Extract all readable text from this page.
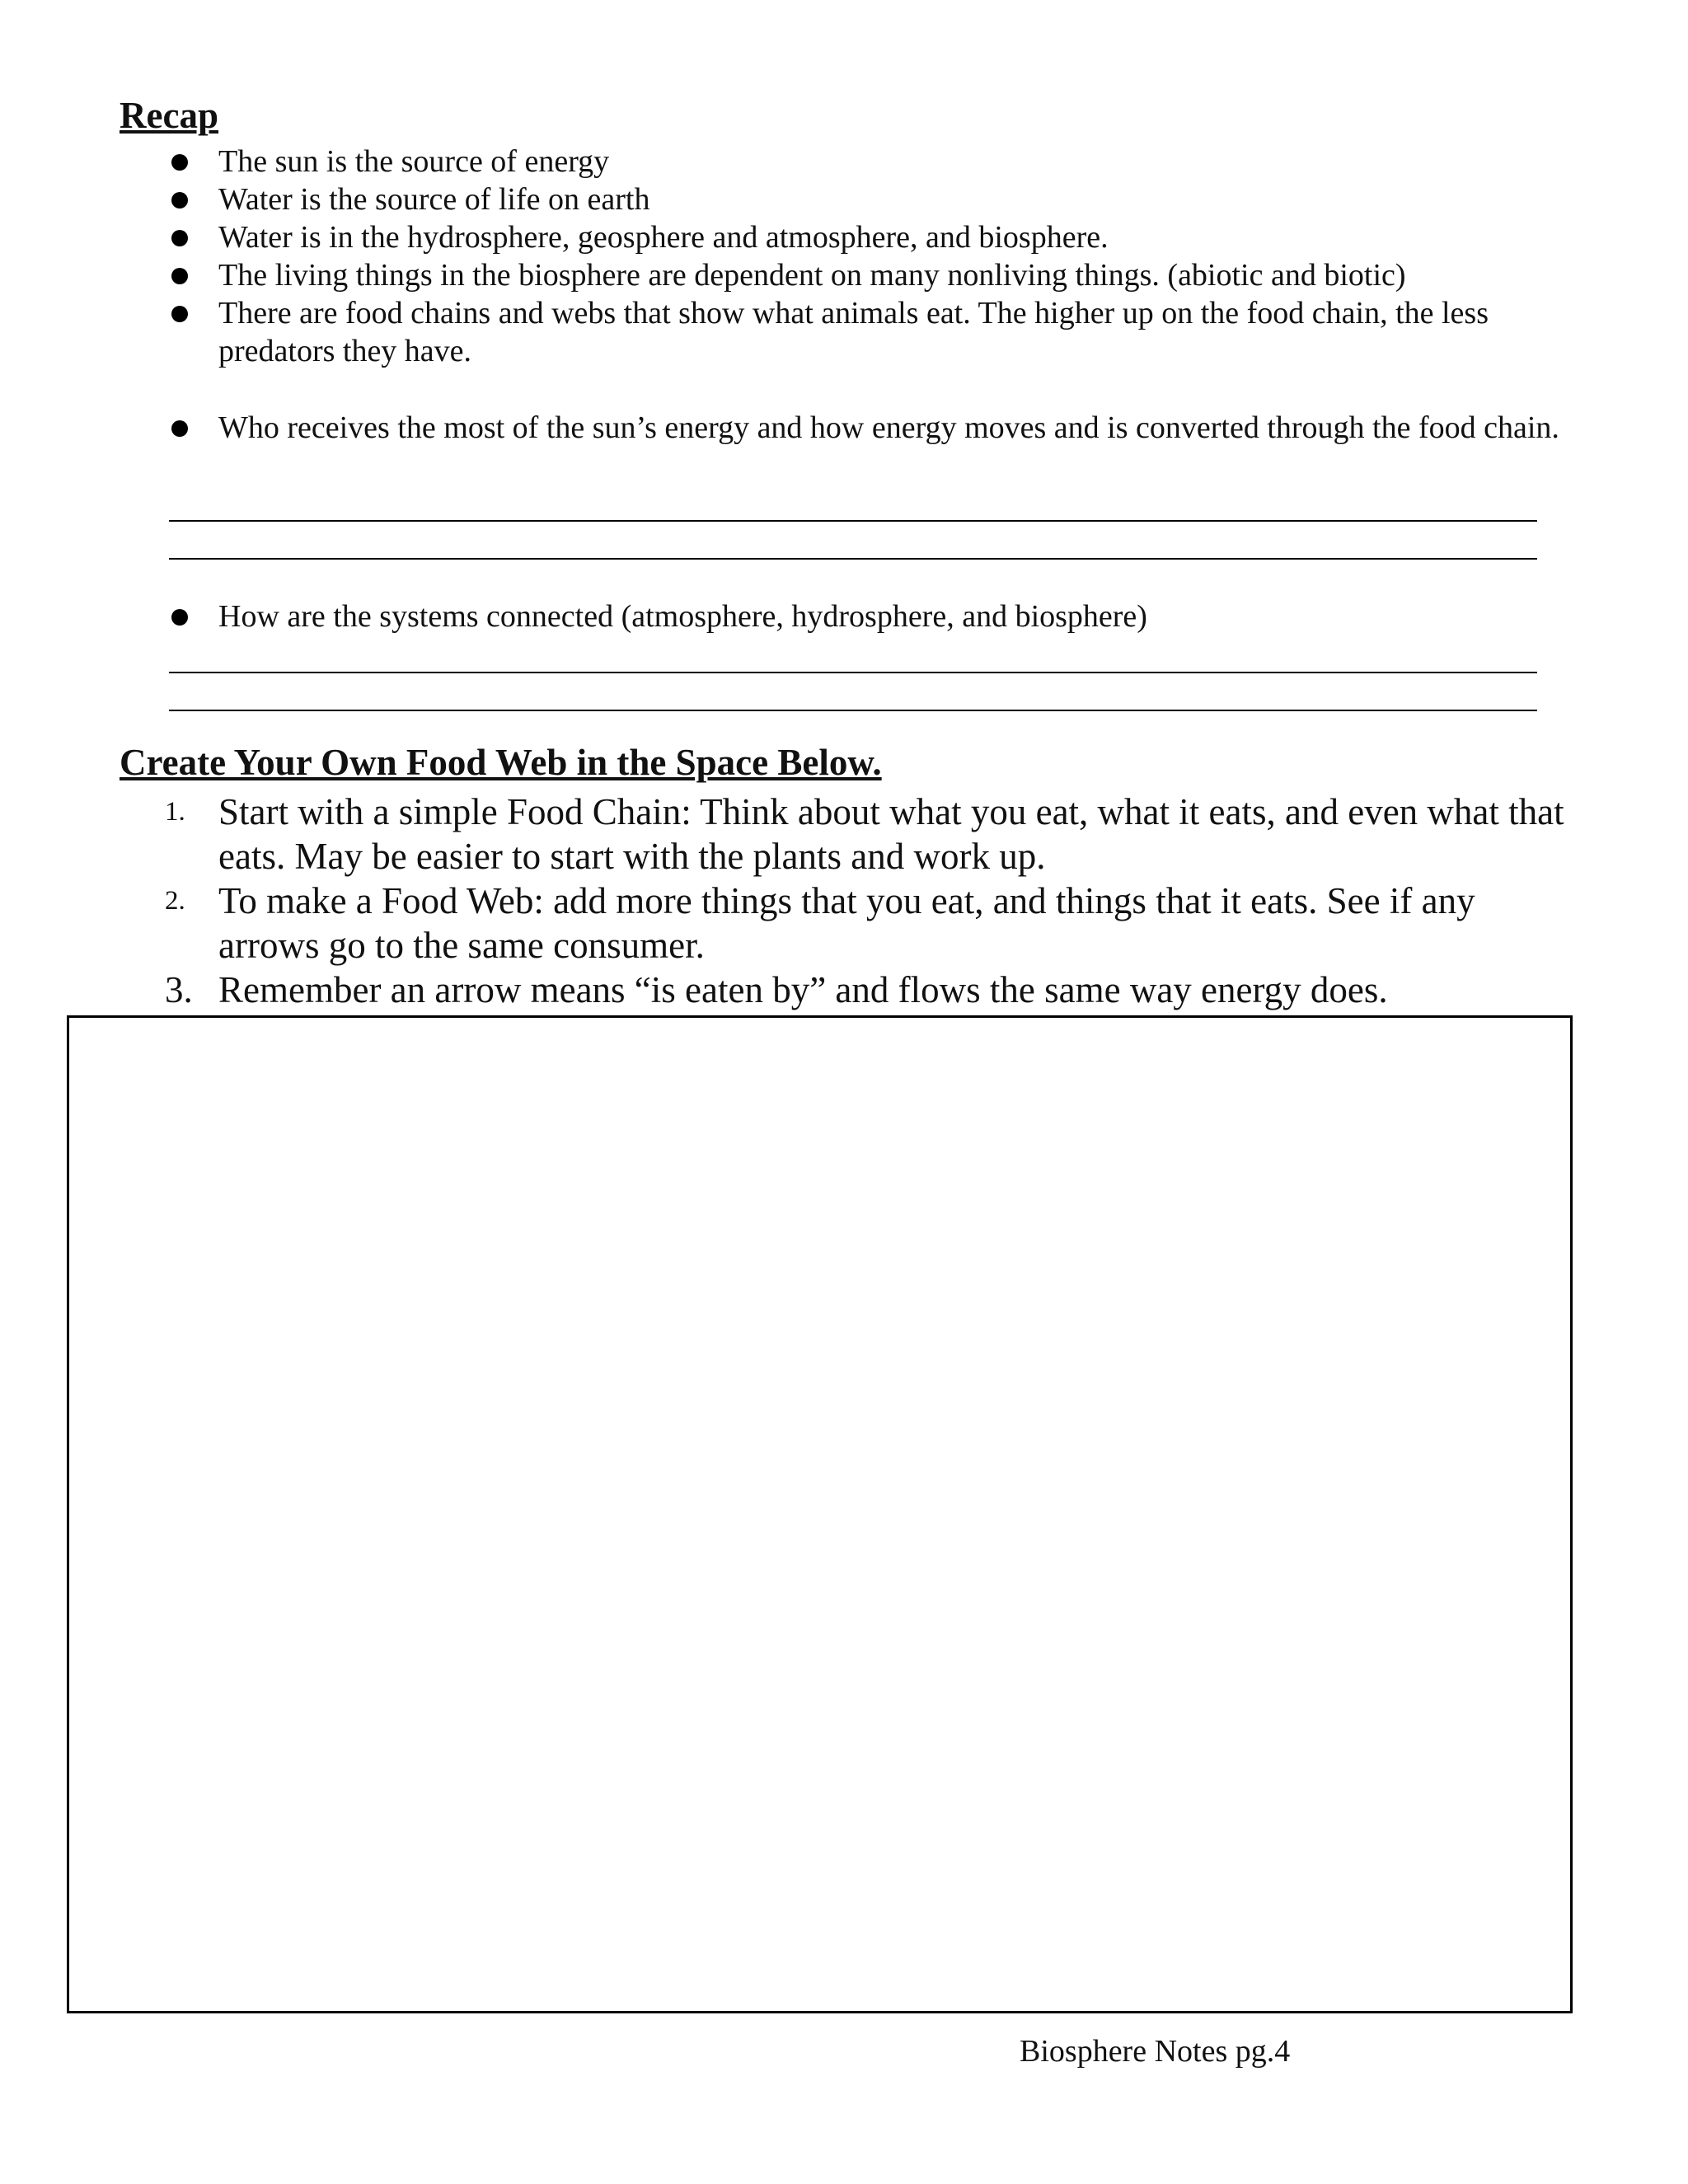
Recap
The sun is the source of energy
Water is the source of life on earth
Water is in the hydrosphere, geosphere and atmosphere, and biosphere.
The living things in the biosphere are dependent on many nonliving things. (abiotic and biotic)
There are food chains and webs that show what animals eat. The higher up on the food chain, the less predators they have.
Who receives the most of the sun’s energy and how energy moves and is converted through the food chain.
How are the systems connected (atmosphere, hydrosphere, and biosphere)
Create Your Own Food Web in the Space Below.
1. Start with a simple Food Chain: Think about what you eat, what it eats, and even what that eats. May be easier to start with the plants and work up.
2. To make a Food Web: add more things that you eat, and things that it eats. See if any arrows go to the same consumer.
3. Remember an arrow means “is eaten by” and flows the same way energy does.
Biosphere Notes pg.4
